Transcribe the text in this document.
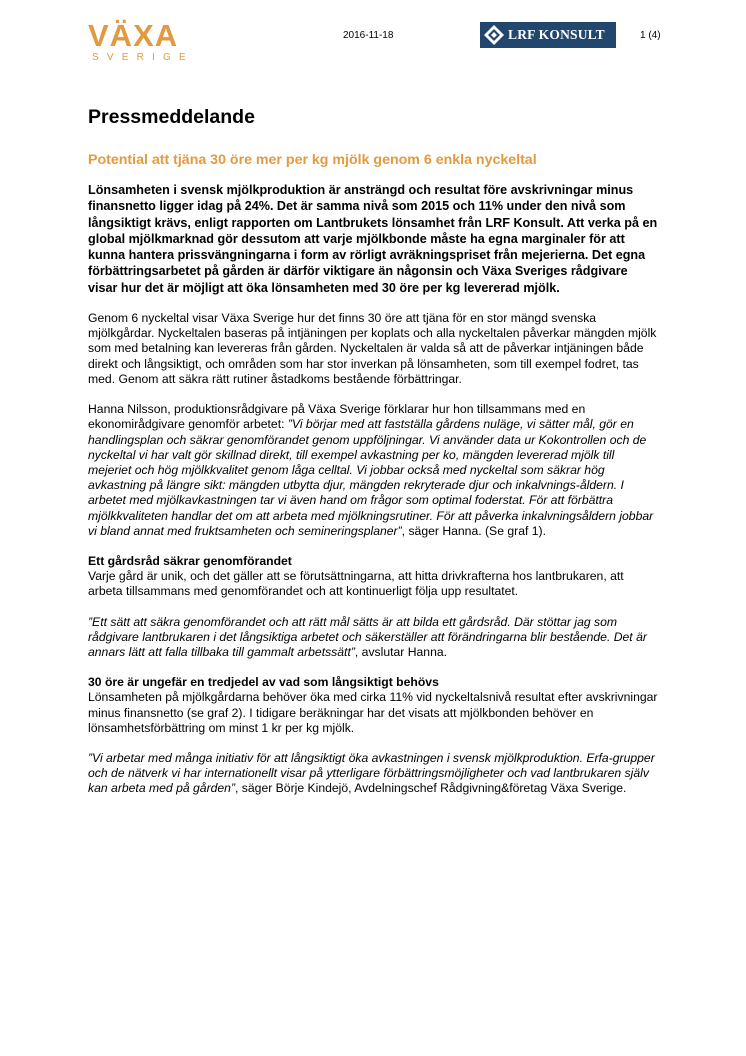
VÄXA
SVERIGE
2016-11-18	LRF KONSULT	1 (4)
Pressmeddelande
Potential att tjäna 30 öre mer per kg mjölk genom 6 enkla nyckeltal
Lönsamheten i svensk mjölkproduktion är ansträngd och resultat före avskrivningar minus finansnetto ligger idag på 24%. Det är samma nivå som 2015 och 11% under den nivå som långsiktigt krävs, enligt rapporten om Lantbrukets lönsamhet från LRF Konsult. Att verka på en global mjölkmarknad gör dessutom att varje mjölkbonde måste ha egna marginaler för att kunna hantera prissvängningarna i form av rörligt avräkningspriset från mejerierna. Det egna förbättringsarbetet på gården är därför viktigare än någonsin och Växa Sveriges rådgivare visar hur det är möjligt att öka lönsamheten med 30 öre per kg levererad mjölk.

Genom 6 nyckeltal visar Växa Sverige hur det finns 30 öre att tjäna för en stor mängd svenska mjölkgårdar. Nyckeltalen baseras på intjäningen per koplats och alla nyckeltalen påverkar mängden mjölk som med betalning kan levereras från gården. Nyckeltalen är valda så att de påverkar intjäningen både direkt och långsiktigt, och områden som har stor inverkan på lönsamheten, som till exempel fodret, tas med. Genom att säkra rätt rutiner åstadkoms bestående förbättringar.

Hanna Nilsson, produktionsrådgivare på Växa Sverige förklarar hur hon tillsammans med en ekonomirådgivare genomför arbetet: ”Vi börjar med att fastställa gårdens nuläge, vi sätter mål, gör en handlingsplan och säkrar genomförandet genom uppföljningar. Vi använder data ur Kokontrollen och de nyckeltal vi har valt gör skillnad direkt, till exempel avkastning per ko, mängden levererad mjölk till mejeriet och hög mjölkkvalitet genom låga celltal. Vi jobbar också med nyckeltal som säkrar hög avkastning på längre sikt: mängden utbytta djur, mängden rekryterade djur och inkalvnings-åldern. I arbetet med mjölkavkastningen tar vi även hand om frågor som optimal foderstat. För att förbättra mjölkkvaliteten handlar det om att arbeta med mjölkningsrutiner. För att påverka inkalvningsåldern jobbar vi bland annat med fruktsamheten och semineringsplaner”, säger Hanna. (Se graf 1).

Ett gårdsråd säkrar genomförandet

Varje gård är unik, och det gäller att se förutsättningarna, att hitta drivkrafterna hos lantbrukaren, att arbeta tillsammans med genomförandet och att kontinuerligt följa upp resultatet.

”Ett sätt att säkra genomförandet och att rätt mål sätts är att bilda ett gårdsråd. Där stöttar jag som rådgivare lantbrukaren i det långsiktiga arbetet och säkerställer att förändringarna blir bestående. Det är annars lätt att falla tillbaka till gammalt arbetssätt”, avslutar Hanna.

30 öre är ungefär en tredjedel av vad som långsiktigt behövs

Lönsamheten på mjölkgårdarna behöver öka med cirka 11% vid nyckeltalsnivå resultat efter avskrivningar minus finansnetto (se graf 2). I tidigare beräkningar har det visats att mjölkbonden behöver en lönsamhetsförbättring om minst 1 kr per kg mjölk.

”Vi arbetar med många initiativ för att långsiktigt öka avkastningen i svensk mjölkproduktion. Erfa-grupper och de nätverk vi har internationellt visar på ytterligare förbättringsmöjligheter och vad lantbrukaren själv kan arbeta med på gården”, säger Börje Kindejö, Avdelningschef Rådgivning&företag Växa Sverige.
